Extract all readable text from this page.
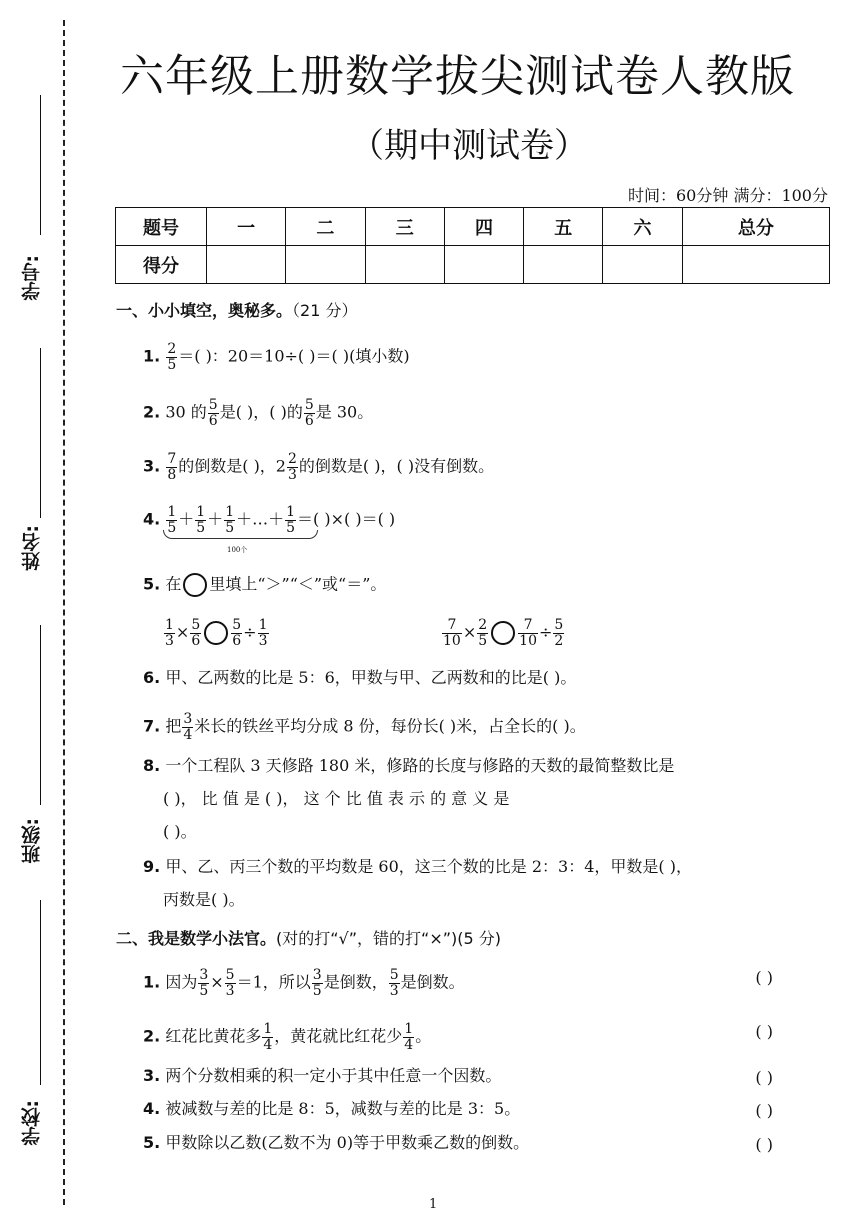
学号:
姓名:
班级:
学校:
六年级上册数学拔尖测试卷人教版
（期中测试卷）
时间：60分钟 满分：100分
题号	一	二	三	四	五	六	总分
得分							
一、小小填空，奥秘多。（21 分）
1. $\frac{2}{5}$ ＝( )：20＝10÷( )＝( )(填小数)
2. 30 的 $\frac{5}{6}$ 是( )，( )的 $\frac{5}{6}$ 是 30。
3. $\frac{7}{8}$ 的倒数是( )，$2 \frac{2}{3}$ 的倒数是( )，( )没有倒数。
4. $\frac{1}{5} + \frac{1}{5} + \frac{1}{5}$ ＋…＋ $\frac{1}{5}$ ＝( )×( )＝( )
100个
5. 在 里填上“＞”“＜”或“＝”。
$\frac{1}{3} \times \frac{5}{6} \frac{5}{6} \div \frac{1}{3}$	$\frac{7}{10} \times \frac{2}{5} \frac{7}{10} \div \frac{5}{2}$
6. 甲、乙两数的比是 5：6，甲数与甲、乙两数和的比是( )。
7. 把 $\frac{3}{4}$ 米长的铁丝平均分成 8 份，每份长( )米，占全长的( )。
8. 一个工程队 3 天修路 180 米，修路的长度与修路的天数的最简整数比是
( )， 比 值 是 ( )， 这 个 比 值 表 示 的 意 义 是
( )。
9. 甲、乙、丙三个数的平均数是 60，这三个数的比是 2：3：4，甲数是( )，
丙数是( )。
二、我是数学小法官。(对的打“√”，错的打“×”)(5 分)
1. 因为 $\frac{3}{5} \times \frac{5}{3} =1$，所以 $\frac{3}{5}$ 是倒数， $\frac{5}{3}$ 是倒数。	( )
2. 红花比黄花多 $\frac{1}{4}$ ，黄花就比红花少 $\frac{1}{4}$ 。	( )
3. 两个分数相乘的积一定小于其中任意一个因数。	( )
4. 被减数与差的比是 8：5，减数与差的比是 3：5。	( )
5. 甲数除以乙数(乙数不为 0)等于甲数乘乙数的倒数。	( )
1
